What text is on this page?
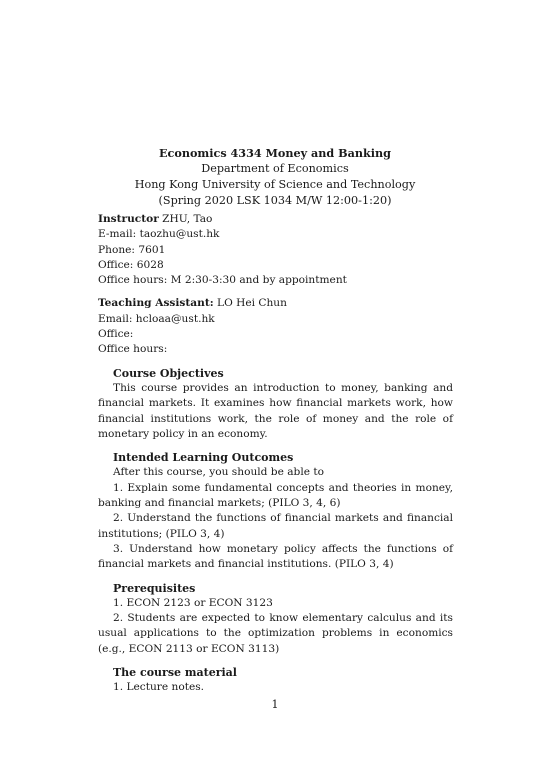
Economics 4334 Money and Banking
Department of Economics
Hong Kong University of Science and Technology
(Spring 2020 LSK 1034 M/W 12:00-1:20)
Instructor ZHU, Tao
E-mail: taozhu@ust.hk
Phone: 7601
Office: 6028
Office hours: M 2:30-3:30 and by appointment
Teaching Assistant: LO Hei Chun
Email: hcloaa@ust.hk
Office:
Office hours:
Course Objectives
This course provides an introduction to money, banking and financial markets. It examines how financial markets work, how financial institutions work, the role of money and the role of monetary policy in an economy.
Intended Learning Outcomes
After this course, you should be able to
1. Explain some fundamental concepts and theories in money, banking and financial markets; (PILO 3, 4, 6)
2. Understand the functions of financial markets and financial institutions; (PILO 3, 4)
3. Understand how monetary policy affects the functions of financial markets and financial institutions. (PILO 3, 4)
Prerequisites
1. ECON 2123 or ECON 3123
2. Students are expected to know elementary calculus and its usual applications to the optimization problems in economics (e.g., ECON 2113 or ECON 3113)
The course material
1. Lecture notes.
1
